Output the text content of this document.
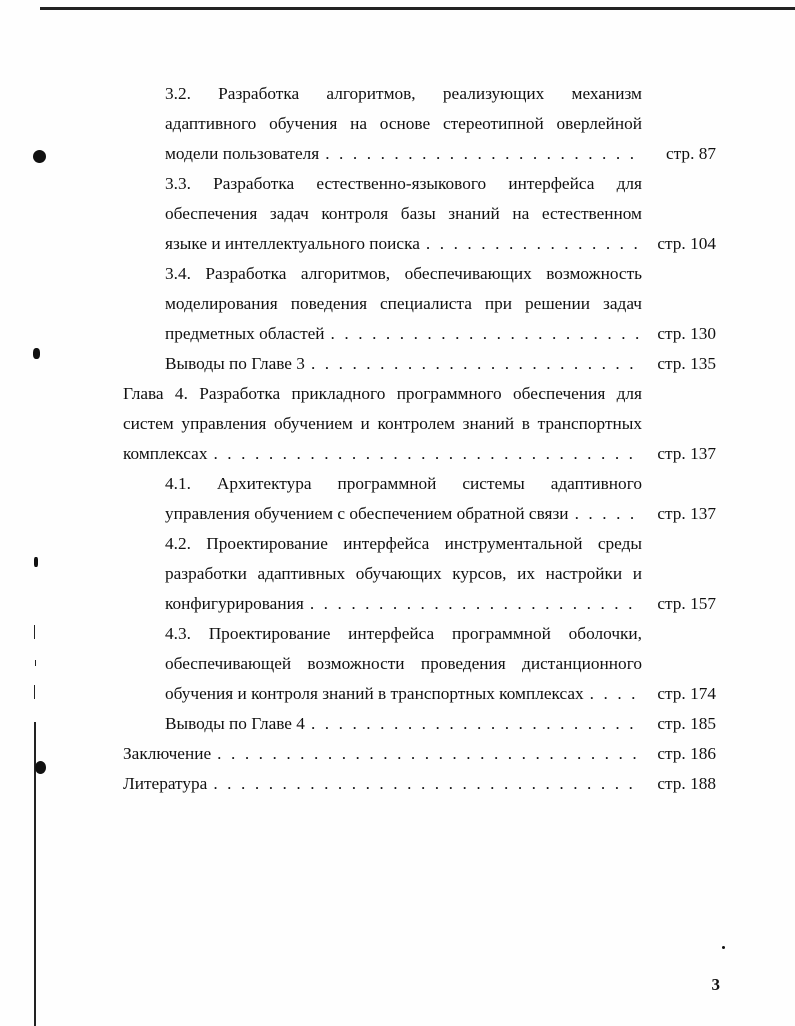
3.2. Разработка алгоритмов, реализующих механизм
адаптивного обучения на основе стереотипной оверлейной
модели пользователя . . .	стр. 87
3.3. Разработка естественно-языкового интерфейса для
обеспечения задач контроля базы знаний на естественном
языке и интеллектуального поиска . . .	стр. 104
3.4. Разработка алгоритмов, обеспечивающих возможность
моделирования поведения специалиста при решении задач
предметных областей . . .	стр. 130
Выводы по Главе 3 . . .	стр. 135
Глава 4. Разработка прикладного программного обеспечения для
систем управления обучением и контролем знаний в транспортных
комплексах . . .	стр. 137
4.1. Архитектура программной системы адаптивного
управления обучением с обеспечением обратной связи . . .	стр. 137
4.2. Проектирование интерфейса инструментальной среды
разработки адаптивных обучающих курсов, их настройки и
конфигурирования . . .	стр. 157
4.3. Проектирование интерфейса программной оболочки,
обеспечивающей возможности проведения дистанционного
обучения и контроля знаний в транспортных комплексах . . .	стр. 174
Выводы по Главе 4 . . .	стр. 185
Заключение . . .	стр. 186
Литература . . .	стр. 188
3
